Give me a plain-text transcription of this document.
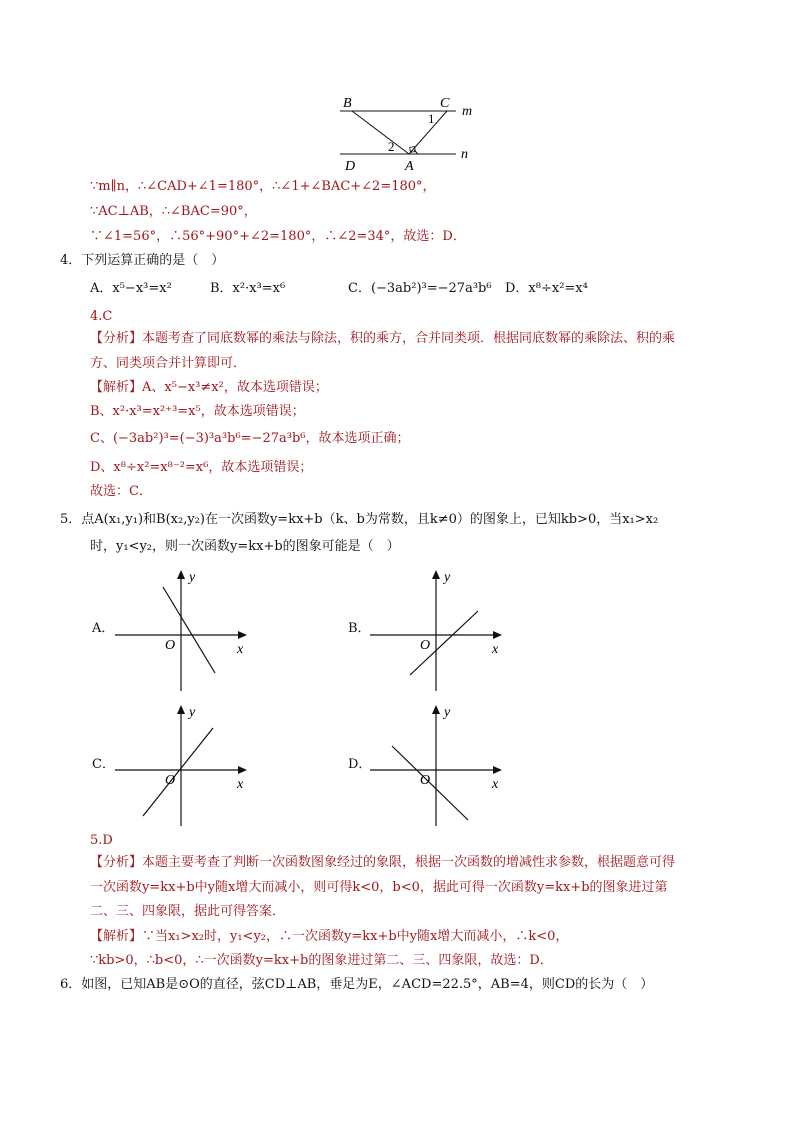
B	C
m
D	A
n
1
2
∵m∥n，∴∠CAD+∠1=180°，∴∠1+∠BAC+∠2=180°，
∵AC⊥AB，∴∠BAC=90°，
∵∠1=56°，∴56°+90°+∠2=180°，∴∠2=34°，故选：D．
4．下列运算正确的是（　）
A．x⁵−x³=x²	B．x²·x³=x⁶	C．(−3ab²)³=−27a³b⁶ D．x⁸÷x²=x⁴
4.C
【分析】本题考查了同底数幂的乘法与除法，积的乘方，合并同类项．根据同底数幂的乘除法、积的乘
方、同类项合并计算即可．
【解析】A、x⁵−x³≠x²，故本选项错误；
B、x²·x³=x²⁺³=x⁵，故本选项错误；
C、(−3ab²)³=(−3)³a³b⁶=−27a³b⁶，故本选项正确；
D、x⁸÷x²=x⁸⁻²=x⁶，故本选项错误；
故选：C．
5．点A(x₁,y₁)和B(x₂,y₂)在一次函数y=kx+b（k、b为常数，且k≠0）的图象上，已知kb>0，当x₁>x₂
时，y₁<y₂，则一次函数y=kx+b的图象可能是（　）
A．
y
x
O
B．
y
x
O
C．
y
x
O
D．
y
x
O
5.D
【分析】本题主要考查了判断一次函数图象经过的象限，根据一次函数的增减性求参数，根据题意可得
一次函数y=kx+b中y随x增大而减小，则可得k<0，b<0，据此可得一次函数y=kx+b的图象进过第
二、三、四象限，据此可得答案．
【解析】∵当x₁>x₂时，y₁<y₂，∴一次函数y=kx+b中y随x增大而减小，∴k<0，
∵kb>0，∴b<0，∴一次函数y=kx+b的图象进过第二、三、四象限，故选：D．
6．如图，已知AB是⊙O的直径，弦CD⊥AB，垂足为E，∠ACD=22.5°，AB=4，则CD的长为（　）
